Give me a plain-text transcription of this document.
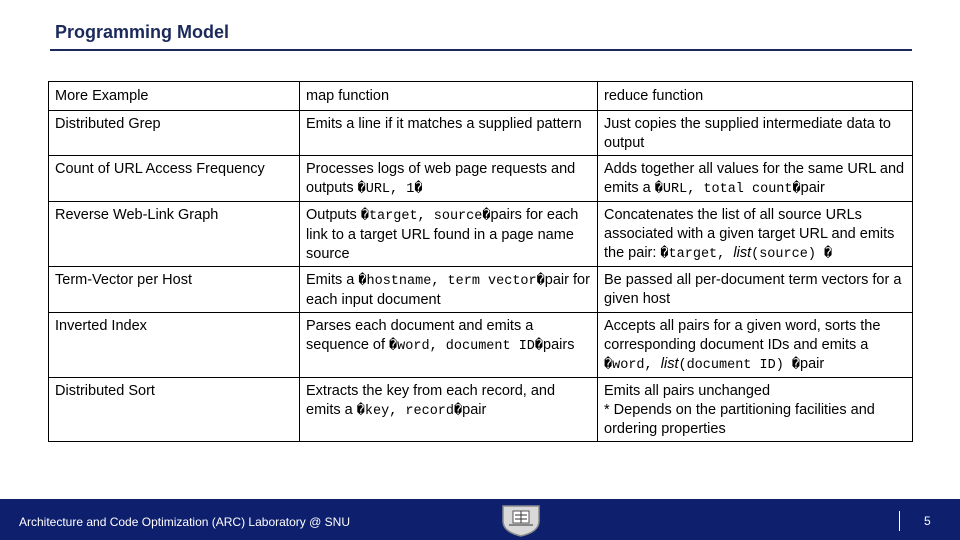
Programming Model
More Example	map function	reduce function
Distributed Grep	Emits a line if it matches a supplied pattern	Just copies the supplied intermediate data to output
Count of URL Access Frequency	Processes logs of web page requests and outputs �URL, 1�	Adds together all values for the same URL and emits a �URL, total count�pair
Reverse Web-Link Graph	Outputs �target, source�pairs for each link to a target URL found in a page name source	Concatenates the list of all source URLs associated with a given target URL and emits the pair: �target, list(source) �
Term-Vector per Host	Emits a �hostname, term vector�pair for each input document	Be passed all per-document term vectors for a given host
Inverted Index	Parses each document and emits a sequence of �word, document ID�pairs	Accepts all pairs for a given word, sorts the corresponding document IDs and emits a �word, list(document ID) �pair
Distributed Sort	Extracts the key from each record, and emits a �key, record�pair	Emits all pairs unchanged
* Depends on the partitioning facilities and ordering properties
Architecture and Code Optimization (ARC) Laboratory @ SNU	5
